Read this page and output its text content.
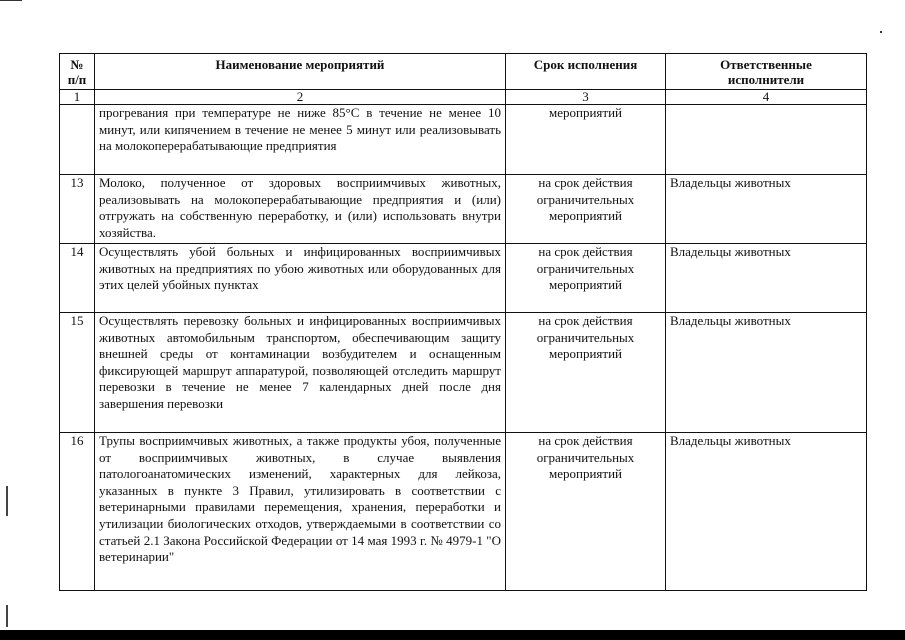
№
п/п	Наименование мероприятий	Срок исполнения	Ответственные
исполнители
1	2	3	4
	прогревания при температуре не ниже 85°С в течение не менее 10 минут, или кипячением в течение не менее 5 минут или реализовывать на молокоперерабатывающие предприятия	мероприятий	
13	Молоко, полученное от здоровых восприимчивых животных, реализовывать на молокоперерабатывающие предприятия и (или) отгружать на собственную переработку, и (или) использовать внутри хозяйства.	на срок действия ограничительных мероприятий	Владельцы животных
14	Осуществлять убой больных и инфицированных восприимчивых животных на предприятиях по убою животных или оборудованных для этих целей убойных пунктах	на срок действия ограничительных мероприятий	Владельцы животных
15	Осуществлять перевозку больных и инфицированных восприимчивых животных автомобильным транспортом, обеспечивающим защиту внешней среды от контаминации возбудителем и оснащенным фиксирующей маршрут аппаратурой, позволяющей отследить маршрут перевозки в течение не менее 7 календарных дней после дня завершения перевозки	на срок действия ограничительных мероприятий	Владельцы животных
16	Трупы восприимчивых животных, а также продукты убоя, полученные от восприимчивых животных, в случае выявления патологоанатомических изменений, характерных для лейкоза, указанных в пункте 3 Правил, утилизировать в соответствии с ветеринарными правилами перемещения, хранения, переработки и утилизации биологических отходов, утверждаемыми в соответствии со статьей 2.1 Закона Российской Федерации от 14 мая 1993 г. № 4979-1 "О ветеринарии"	на срок действия ограничительных мероприятий	Владельцы животных
